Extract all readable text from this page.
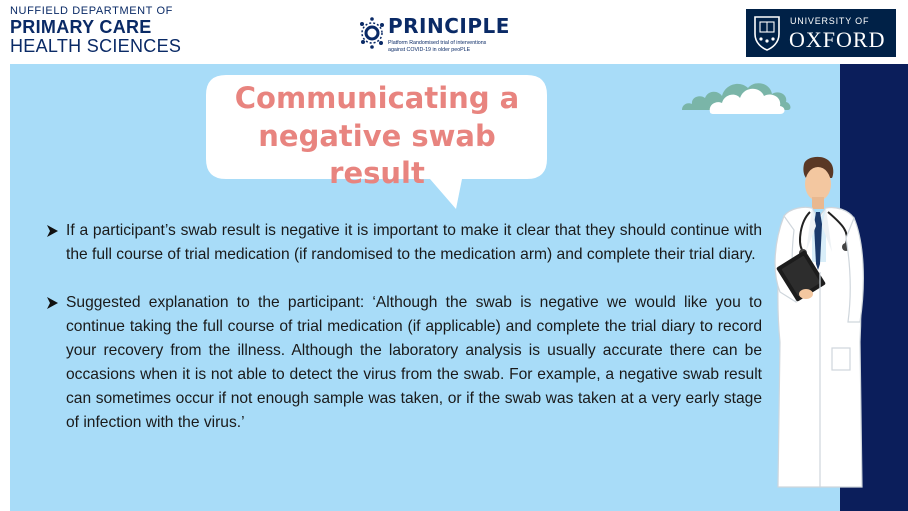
NUFFIELD DEPARTMENT OF
PRIMARY CARE
HEALTH SCIENCES
PRINCIPLE
Platform Randomised trial of interventions
against COVID-19 in older peoPLE
UNIVERSITY OF
OXFORD
Communicating a
negative swab result
If a participant’s swab result is negative it is important to make it clear that they should continue with the full course of trial medication (if randomised to the medication arm) and complete their trial diary.
Suggested explanation to the participant: ‘Although the swab is negative we would like you to continue taking the full course of trial medication (if applicable) and complete the trial diary to record your recovery from the illness. Although the laboratory analysis is usually accurate there can be occasions when it is not able to detect the virus from the swab. For example, a negative swab result can sometimes occur if not enough sample was taken, or if the swab was taken at a very early stage of infection with the virus.’
